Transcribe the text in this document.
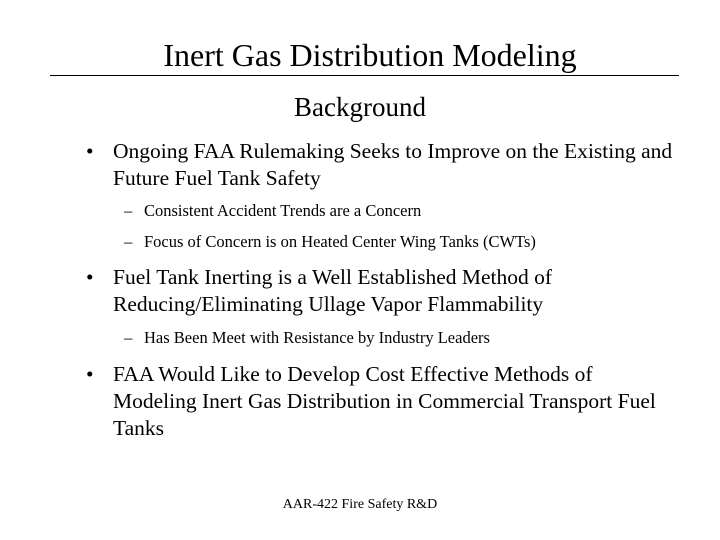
Inert Gas Distribution Modeling
Background
• Ongoing FAA Rulemaking Seeks to Improve on the Existing and Future Fuel Tank Safety
– Consistent Accident Trends are a Concern
– Focus of Concern is on Heated Center Wing Tanks (CWTs)
• Fuel Tank Inerting is a Well Established Method of Reducing/Eliminating Ullage Vapor Flammability
– Has Been Meet with Resistance by Industry Leaders
• FAA Would Like to Develop Cost Effective Methods of Modeling Inert Gas Distribution in Commercial Transport Fuel Tanks
AAR-422 Fire Safety R&D
